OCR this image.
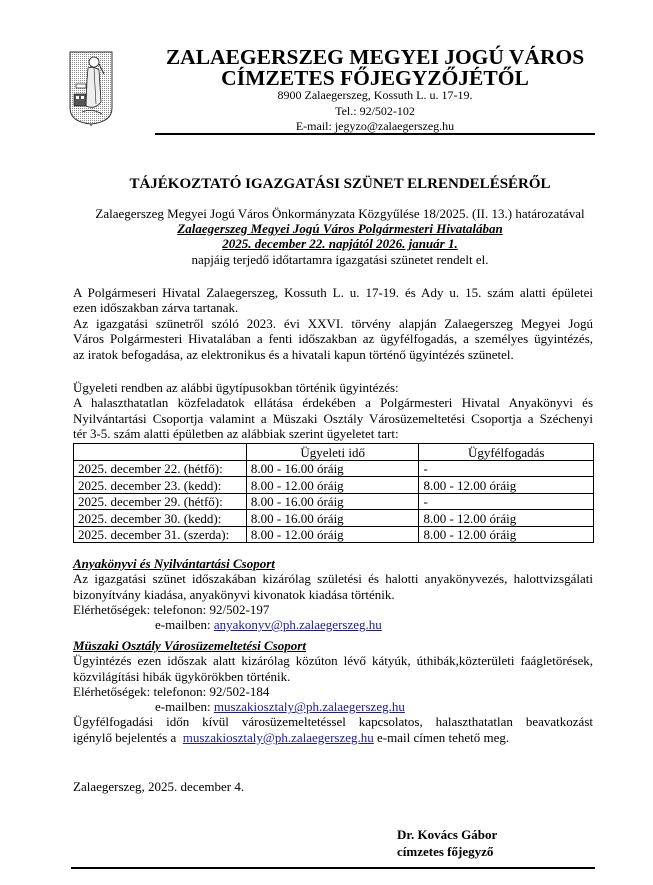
ZALAEGERSZEG MEGYEI JOGÚ VÁROS
CÍMZETES FŐJEGYZŐJÉTŐL
8900 Zalaegerszeg, Kossuth L. u. 17-19.
Tel.: 92/502-102
E-mail: jegyzo@zalaegerszeg.hu
TÁJÉKOZTATÓ IGAZGATÁSI SZÜNET ELRENDELÉSÉRŐL
Zalaegerszeg Megyei Jogú Város Önkormányzata Közgyűlése 18/2025. (II. 13.) határozatával
Zalaegerszeg Megyei Jogú Város Polgármesteri Hivatalában
2025. december 22. napjától 2026. január 1.
napjáig terjedő időtartamra igazgatási szünetet rendelt el.
A Polgármeseri Hivatal Zalaegerszeg, Kossuth L. u. 17-19. és Ady u. 15. szám alatti épületei
ezen időszakban zárva tartanak.
Az igazgatási szünetről szóló 2023. évi XXVI. törvény alapján Zalaegerszeg Megyei Jogú
Város Polgármesteri Hivatalában a fenti időszakban az ügyfélfogadás, a személyes ügyintézés,
az iratok befogadása, az elektronikus és a hivatali kapun történő ügyintézés szünetel.
Ügyeleti rendben az alábbi ügytípusokban történik ügyintézés:
A halaszthatatlan közfeladatok ellátása érdekében a Polgármesteri Hivatal Anyakönyvi és
Nyilvántartási Csoportja valamint a Müszaki Osztály Városüzemeltetési Csoportja a Széchenyi
tér 3-5. szám alatti épületben az alábbiak szerint ügyeletet tart:
	Ügyeleti idő	Ügyfélfogadás
2025. december 22. (hétfő):	8.00 - 16.00 óráig	-
2025. december 23. (kedd):	8.00 - 12.00 óráig	8.00 - 12.00 óráig
2025. december 29. (hétfő):	8.00 - 16.00 óráig	-
2025. december 30. (kedd):	8.00 - 16.00 óráig	8.00 - 12.00 óráig
2025. december 31. (szerda):	8.00 - 12.00 óráig	8.00 - 12.00 óráig
Anyakönyvi és Nyilvántartási Csoport
Az igazgatási szünet időszakában kizárólag születési és halotti anyakönyvezés, halottvizsgálati
bizonyítvány kiadása, anyakönyvi kivonatok kiadása történik.
Elérhetőségek: telefonon: 92/502-197
e-mailben: anyakonyv@ph.zalaegerszeg.hu
Müszaki Osztály Városüzemeltetési Csoport
Ügyintézés ezen időszak alatt kizárólag közúton lévő kátyúk, úthibák,közterületi faágletörések,
közvilágítási hibák ügykörökben történik.
Elérhetőségek: telefonon: 92/502-184
e-mailben: muszakiosztaly@ph.zalaegerszeg.hu
Ügyfélfogadási időn kívül városüzemeltetéssel kapcsolatos, halaszthatatlan beavatkozást
igénylő bejelentés a  muszakiosztaly@ph.zalaegerszeg.hu e-mail címen tehető meg.
Zalaegerszeg, 2025. december 4.
Dr. Kovács Gábor
címzetes főjegyző
